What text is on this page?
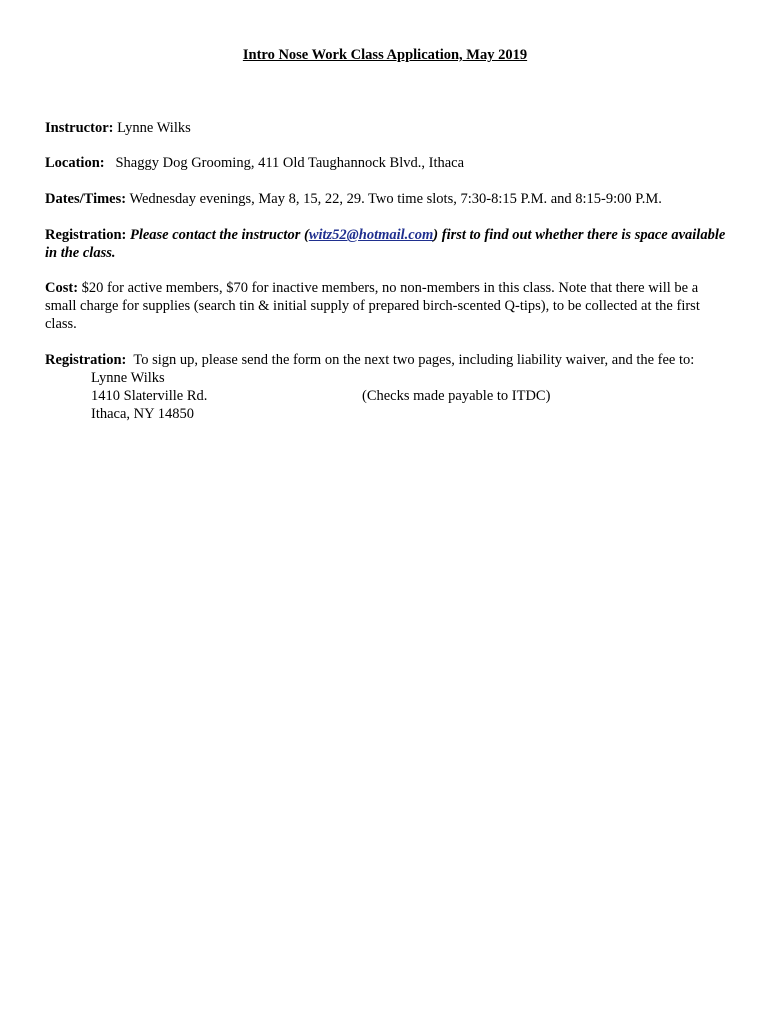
Intro Nose Work Class Application, May 2019
Instructor: Lynne Wilks
Location: Shaggy Dog Grooming, 411 Old Taughannock Blvd., Ithaca
Dates/Times: Wednesday evenings, May 8, 15, 22, 29. Two time slots, 7:30-8:15 P.M. and 8:15-9:00 P.M.
Registration: Please contact the instructor (witz52@hotmail.com) first to find out whether there is space available in the class.
Cost: $20 for active members, $70 for inactive members, no non-members in this class. Note that there will be a small charge for supplies (search tin & initial supply of prepared birch-scented Q-tips), to be collected at the first class.
Registration: To sign up, please send the form on the next two pages, including liability waiver, and the fee to:
Lynne Wilks
1410 Slaterville Rd.	(Checks made payable to ITDC)
Ithaca, NY 14850
